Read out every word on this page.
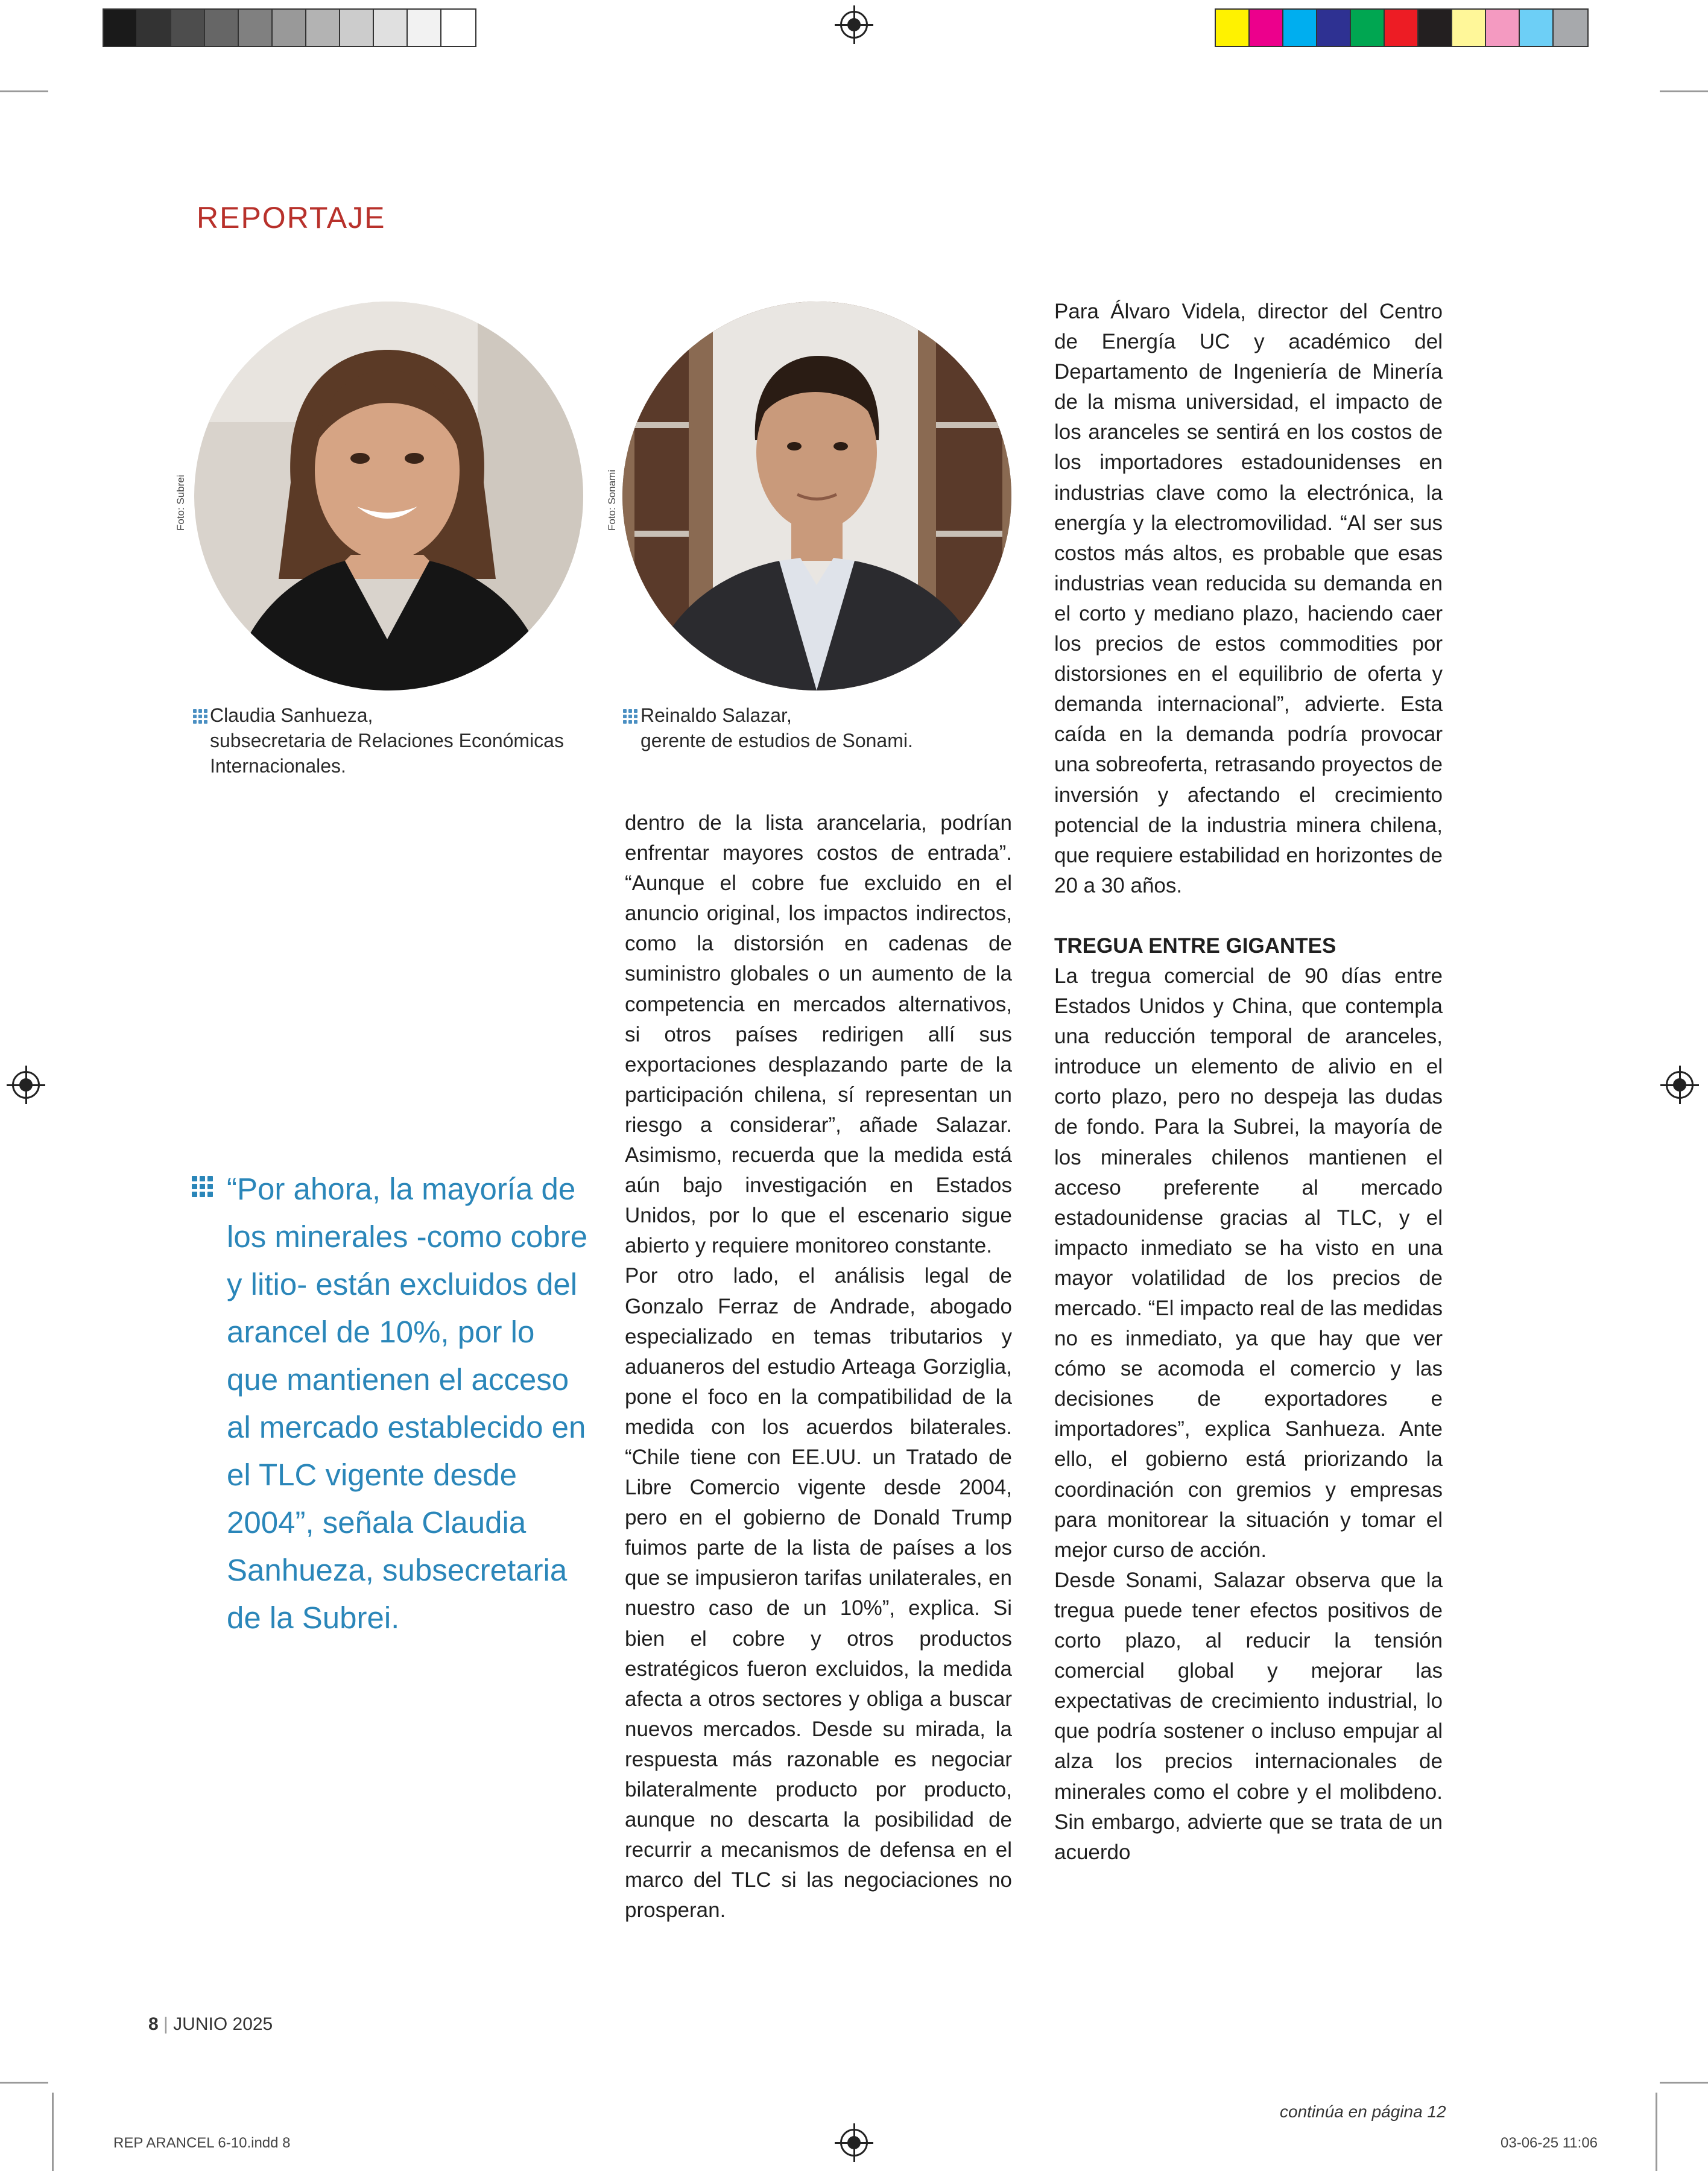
REPORTAJE
Foto: Subrei
Claudia Sanhueza,
subsecretaria de Relaciones Económicas
Internacionales.
Foto: Sonami
Reinaldo Salazar,
gerente de estudios de Sonami.
“Por ahora, la mayoría de los minerales -como cobre y litio- están excluidos del arancel de 10%, por lo que mantienen el acceso al mercado establecido en el TLC vigente desde 2004”, señala Claudia Sanhueza, subsecretaria de la Subrei.

dentro de la lista arancelaria, podrían enfrentar mayores costos de entrada”. “Aunque el cobre fue excluido en el anuncio original, los impactos indirectos, como la distorsión en cadenas de suministro globales o un aumento de la competencia en mercados alternativos, si otros países redirigen allí sus exportaciones desplazando parte de la participación chilena, sí representan un riesgo a considerar”, añade Salazar. Asimismo, recuerda que la medida está aún bajo investigación en Estados Unidos, por lo que el escenario sigue abierto y requiere monitoreo constante.

Por otro lado, el análisis legal de Gonzalo Ferraz de Andrade, abogado especializado en temas tributarios y aduaneros del estudio Arteaga Gorziglia, pone el foco en la compatibilidad de la medida con los acuerdos bilaterales. “Chile tiene con EE.UU. un Tratado de Libre Comercio vigente desde 2004, pero en el gobierno de Donald Trump fuimos parte de la lista de países a los que se impusieron tarifas unilaterales, en nuestro caso de un 10%”, explica. Si bien el cobre y otros productos estratégicos fueron excluidos, la medida afecta a otros sectores y obliga a buscar nuevos mercados. Desde su mirada, la respuesta más razonable es negociar bilateralmente producto por producto, aunque no descarta la posibilidad de recurrir a mecanismos de defensa en el marco del TLC si las negociaciones no prosperan.

Para Álvaro Videla, director del Centro de Energía UC y académico del Departamento de Ingeniería de Minería de la misma universidad, el impacto de los aranceles se sentirá en los costos de los importadores estadounidenses en industrias clave como la electrónica, la energía y la electromovilidad. “Al ser sus costos más altos, es probable que esas industrias vean reducida su demanda en el corto y mediano plazo, haciendo caer los precios de estos commodities por distorsiones en el equilibrio de oferta y demanda internacional”, advierte. Esta caída en la demanda podría provocar una sobreoferta, retrasando proyectos de inversión y afectando el crecimiento potencial de la industria minera chilena, que requiere estabilidad en horizontes de 20 a 30 años.

TREGUA ENTRE GIGANTES

La tregua comercial de 90 días entre Estados Unidos y China, que contempla una reducción temporal de aranceles, introduce un elemento de alivio en el corto plazo, pero no despeja las dudas de fondo. Para la Subrei, la mayoría de los minerales chilenos mantienen el acceso preferente al mercado estadounidense gracias al TLC, y el impacto inmediato se ha visto en una mayor volatilidad de los precios de mercado. “El impacto real de las medidas no es inmediato, ya que hay que ver cómo se acomoda el comercio y las decisiones de exportadores e importadores”, explica Sanhueza. Ante ello, el gobierno está priorizando la coordinación con gremios y empresas para monitorear la situación y tomar el mejor curso de acción.

Desde Sonami, Salazar observa que la tregua puede tener efectos positivos de corto plazo, al reducir la tensión comercial global y mejorar las expectativas de crecimiento industrial, lo que podría sostener o incluso empujar al alza los precios internacionales de minerales como el cobre y el molibdeno. Sin embargo, advierte que se trata de un acuerdo

8 | JUNIO 2025
continúa en página 12
REP ARANCEL 6-10.indd 8	03-06-25 11:06
